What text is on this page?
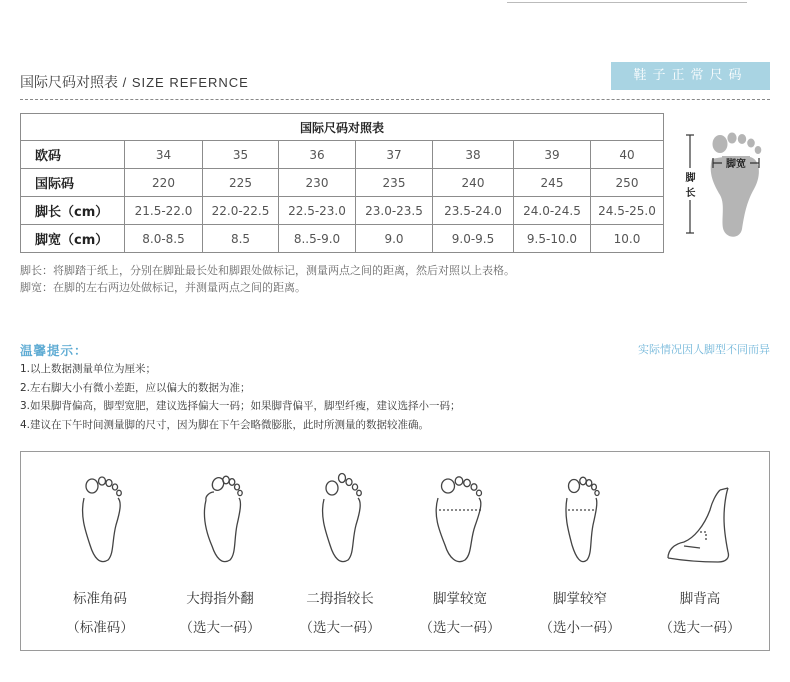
国际尺码对照表 / SIZE REFERNCE	鞋子正常尺码
国际尺码对照表							
欧码	34	35	36	37	38	39	40
国际码	220	225	230	235	240	245	250
脚长（cm）	21.5-22.0	22.0-22.5	22.5-23.0	23.0-23.5	23.5-24.0	24.0-24.5	24.5-25.0
脚宽（cm）	8.0-8.5	8.5	8..5-9.0	9.0	9.0-9.5	9.5-10.0	10.0
脚
长
脚宽
脚长：将脚踏于纸上，分别在脚趾最长处和脚跟处做标记，测量两点之间的距离，然后对照以上表格。
脚宽：在脚的左右两边处做标记，并测量两点之间的距离。
温馨提示：	实际情况因人脚型不同而异
1.以上数据测量单位为厘米；
2.左右脚大小有微小差距，应以偏大的数据为准；
3.如果脚背偏高，脚型宽肥，建议选择偏大一码；如果脚背偏平，脚型纤瘦，建议选择小一码；
4.建议在下午时间测量脚的尺寸，因为脚在下午会略微膨胀，此时所测量的数据较准确。
标准角码
（标准码）
大拇指外翻
（选大一码）
二拇指较长
（选大一码）
脚掌较宽
（选大一码）
脚掌较窄
（选小一码）
脚背高
（选大一码）
